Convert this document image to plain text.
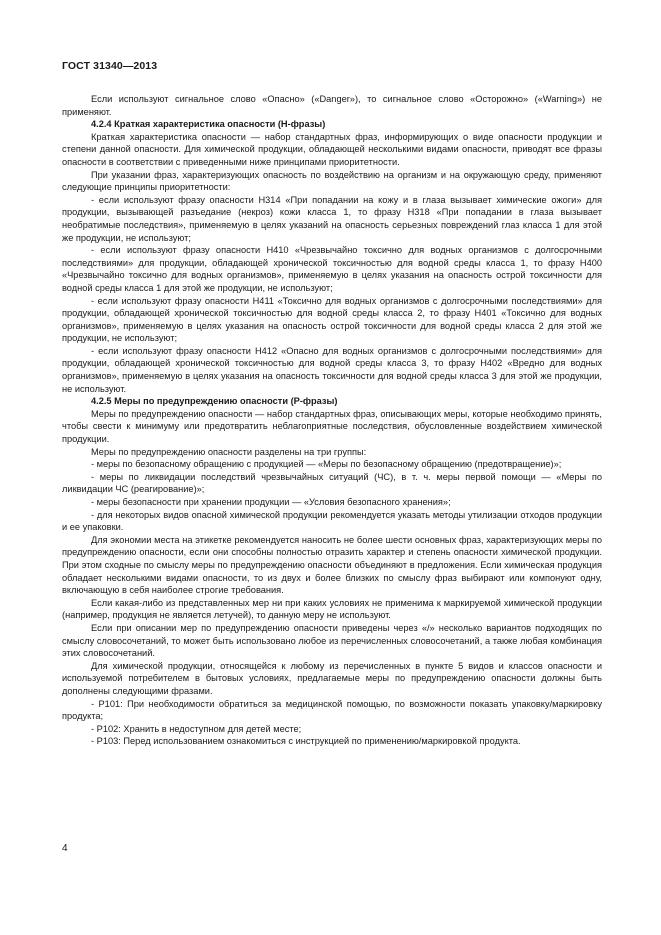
ГОСТ 31340—2013

Если используют сигнальное слово «Опасно» («Danger»), то сигнальное слово «Осторожно» («Warning») не применяют.

4.2.4 Краткая характеристика опасности (Н-фразы)

Краткая характеристика опасности — набор стандартных фраз, информирующих о виде опасности продукции и степени данной опасности. Для химической продукции, обладающей несколькими видами опасности, приводят все фразы опасности в соответствии с приведенными ниже принципами приоритетности.

При указании фраз, характеризующих опасность по воздействию на организм и на окружающую среду, применяют следующие принципы приоритетности:

- если используют фразу опасности Н314 «При попадании на кожу и в глаза вызывает химические ожоги» для продукции, вызывающей разъедание (некроз) кожи класса 1, то фразу Н318 «При попадании в глаза вызывает необратимые последствия», применяемую в целях указаний на опасность серьезных повреждений глаз класса 1 для этой же продукции, не используют;

- если используют фразу опасности Н410 «Чрезвычайно токсично для водных организмов с долгосрочными последствиями» для продукции, обладающей хронической токсичностью для водной среды класса 1, то фразу Н400 «Чрезвычайно токсично для водных организмов», применяемую в целях указания на опасность острой токсичности для водной среды класса 1 для этой же продукции, не используют;

- если используют фразу опасности Н411 «Токсично для водных организмов с долгосрочными последствиями» для продукции, обладающей хронической токсичностью для водной среды класса 2, то фразу Н401 «Токсично для водных организмов», применяемую в целях указания на опасность острой токсичности для водной среды класса 2 для этой же продукции, не используют;

- если используют фразу опасности Н412 «Опасно для водных организмов с долгосрочными последствиями» для продукции, обладающей хронической токсичностью для водной среды класса 3, то фразу Н402 «Вредно для водных организмов», применяемую в целях указания на опасность токсичности для водной среды класса 3 для этой же продукции, не используют.

4.2.5 Меры по предупреждению опасности (Р-фразы)

Меры по предупреждению опасности — набор стандартных фраз, описывающих меры, которые необходимо принять, чтобы свести к минимуму или предотвратить неблагоприятные последствия, обусловленные воздействием химической продукции.

Меры по предупреждению опасности разделены на три группы:

- меры по безопасному обращению с продукцией — «Меры по безопасному обращению (предотвращение)»;

- меры по ликвидации последствий чрезвычайных ситуаций (ЧС), в т. ч. меры первой помощи — «Меры по ликвидации ЧС (реагирование)»;

- меры безопасности при хранении продукции — «Условия безопасного хранения»;

- для некоторых видов опасной химической продукции рекомендуется указать методы утилизации отходов продукции и ее упаковки.

Для экономии места на этикетке рекомендуется наносить не более шести основных фраз, характеризующих меры по предупреждению опасности, если они способны полностью отразить характер и степень опасности химической продукции. При этом сходные по смыслу меры по предупреждению опасности объединяют в предложения. Если химическая продукция обладает несколькими видами опасности, то из двух и более близких по смыслу фраз выбирают или компонуют одну, включающую в себя наиболее строгие требования.

Если какая-либо из представленных мер ни при каких условиях не применима к маркируемой химической продукции (например, продукция не является летучей), то данную меру не используют.

Если при описании мер по предупреждению опасности приведены через «/» несколько вариантов подходящих по смыслу словосочетаний, то может быть использовано любое из перечисленных словосочетаний, а также любая комбинация этих словосочетаний.

Для химической продукции, относящейся к любому из перечисленных в пункте 5 видов и классов опасности и используемой потребителем в бытовых условиях, предлагаемые меры по предупреждению опасности должны быть дополнены следующими фразами.

- Р101: При необходимости обратиться за медицинской помощью, по возможности показать упаковку/маркировку продукта;

- Р102: Хранить в недоступном для детей месте;

- Р103: Перед использованием ознакомиться с инструкцией по применению/маркировкой продукта.

4
